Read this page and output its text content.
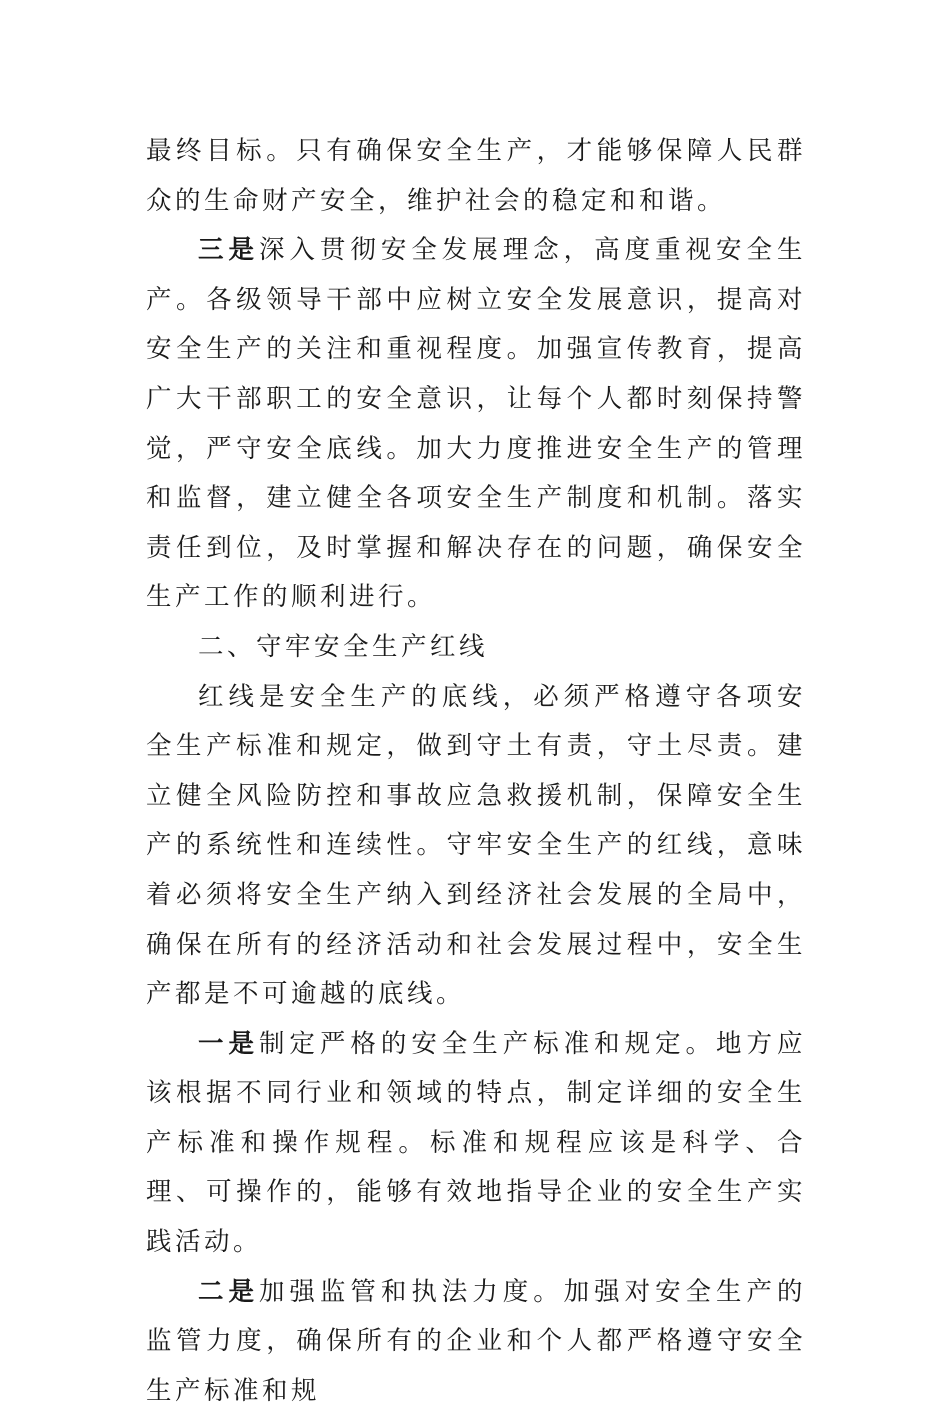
最终目标。只有确保安全生产，才能够保障人民群众的生命财产安全，维护社会的稳定和和谐。

三是深入贯彻安全发展理念，高度重视安全生产。各级领导干部中应树立安全发展意识，提高对安全生产的关注和重视程度。加强宣传教育，提高广大干部职工的安全意识，让每个人都时刻保持警觉，严守安全底线。加大力度推进安全生产的管理和监督，建立健全各项安全生产制度和机制。落实责任到位，及时掌握和解决存在的问题，确保安全生产工作的顺利进行。

二、守牢安全生产红线

红线是安全生产的底线，必须严格遵守各项安全生产标准和规定，做到守土有责，守土尽责。建立健全风险防控和事故应急救援机制，保障安全生产的系统性和连续性。守牢安全生产的红线，意味着必须将安全生产纳入到经济社会发展的全局中，确保在所有的经济活动和社会发展过程中，安全生产都是不可逾越的底线。

一是制定严格的安全生产标准和规定。地方应该根据不同行业和领域的特点，制定详细的安全生产标准和操作规程。标准和规程应该是科学、合理、可操作的，能够有效地指导企业的安全生产实践活动。

二是加强监管和执法力度。加强对安全生产的监管力度，确保所有的企业和个人都严格遵守安全生产标准和规
